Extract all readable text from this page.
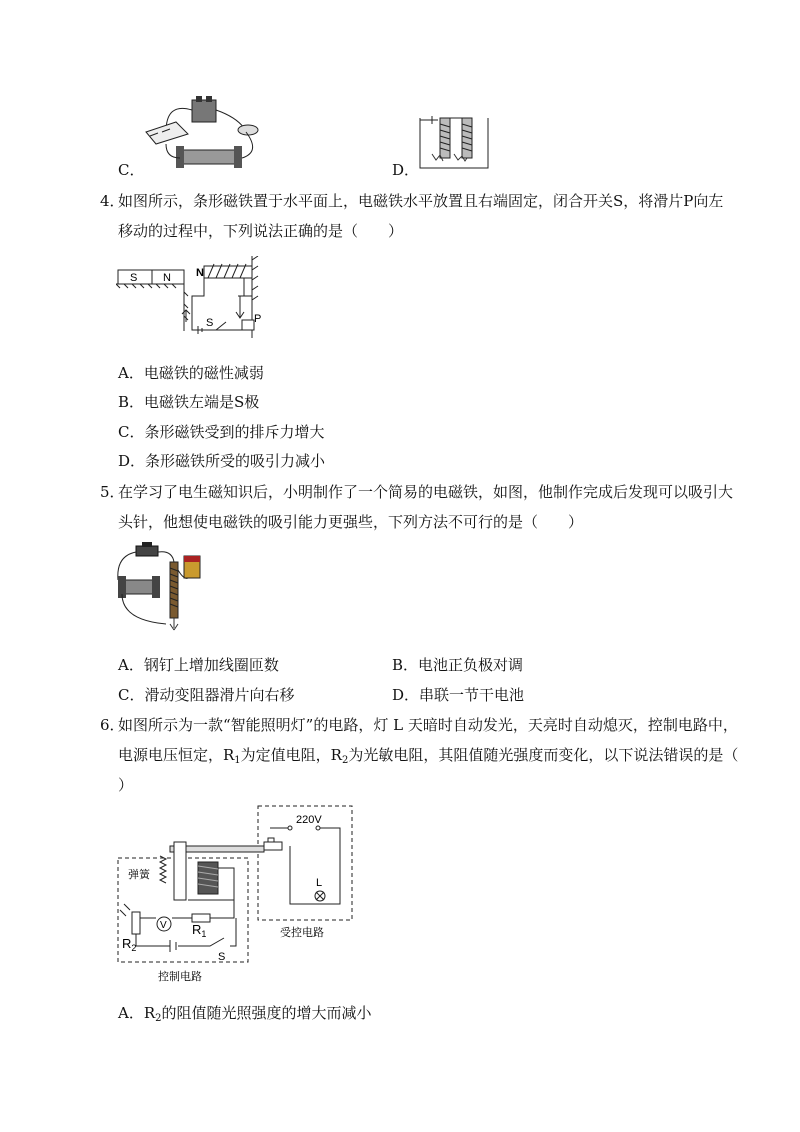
C．	D．
4．
如图所示，条形磁铁置于水平面上，电磁铁水平放置且右端固定，闭合开关S，将滑片P向左
移动的过程中，下列说法正确的是（　　）
S N N
P
S
A．电磁铁的磁性减弱
B．电磁铁左端是S极
C．条形磁铁受到的排斥力增大
D．条形磁铁所受的吸引力减小
5．
在学习了电生磁知识后，小明制作了一个简易的电磁铁，如图，他制作完成后发现可以吸引大
头针，他想使电磁铁的吸引能力更强些，下列方法不可行的是（　　）
A．钢钉上增加线圈匝数	B．电池正负极对调
C．滑动变阻器滑片向右移	D．串联一节干电池
6．
如图所示为一款“智能照明灯”的电路，灯 L 天暗时自动发光，天亮时自动熄灭，控制电路中，
电源电压恒定，$R_1$为定值电阻，$R_2$为光敏电阻，其阻值随光强度而变化，以下说法错误的是（
）
220V
L
受控电路
控制电路
弹簧
$R_1$
V
$R_2$
S
A．$R_2$的阻值随光照强度的增大而减小
